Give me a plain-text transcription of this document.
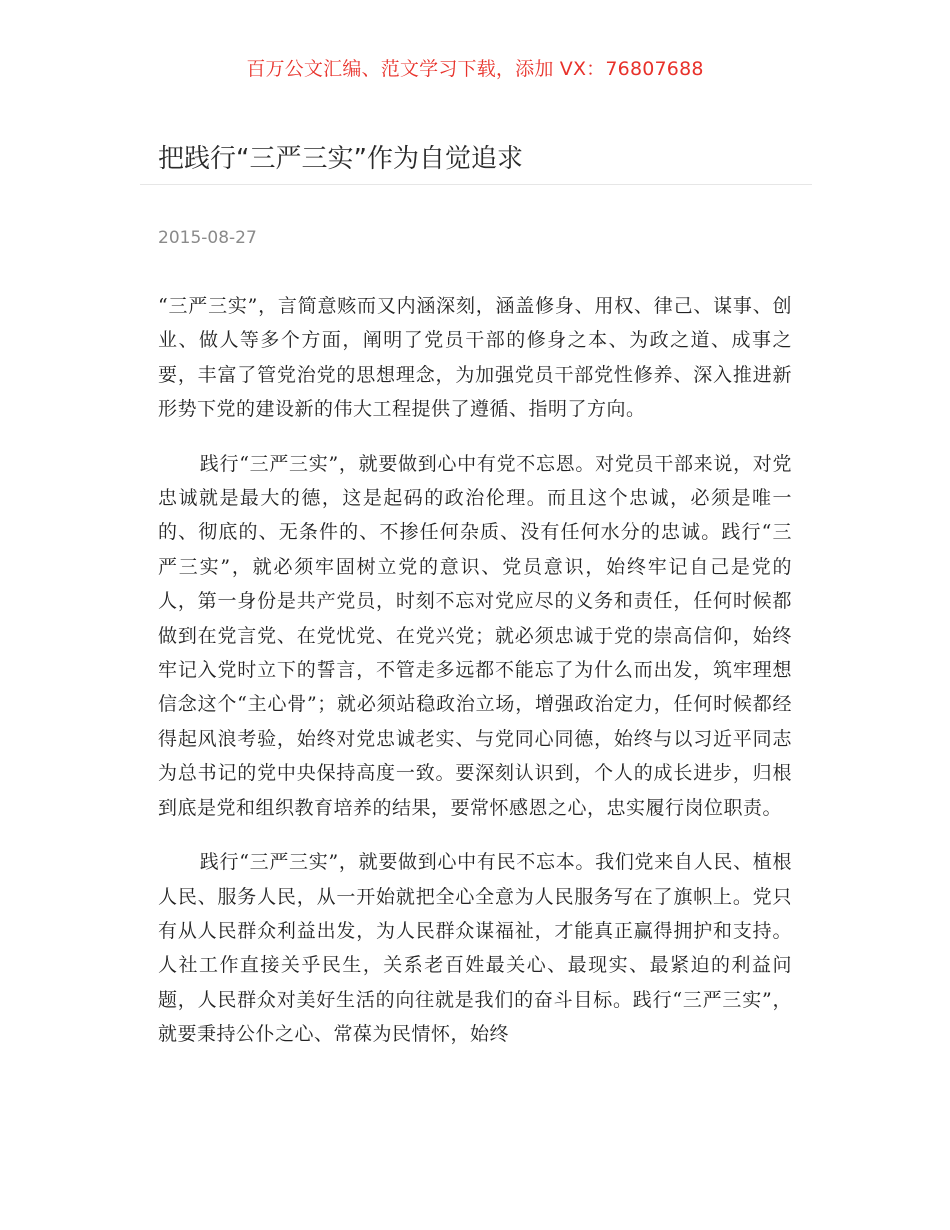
百万公文汇编、范文学习下载，添加 VX：76807688
把践行“三严三实”作为自觉追求
2015-08-27

“三严三实”，言简意赅而又内涵深刻，涵盖修身、用权、律己、谋事、创业、做人等多个方面，阐明了党员干部的修身之本、为政之道、成事之要，丰富了管党治党的思想理念，为加强党员干部党性修养、深入推进新形势下党的建设新的伟大工程提供了遵循、指明了方向。

践行“三严三实”，就要做到心中有党不忘恩。对党员干部来说，对党忠诚就是最大的德，这是起码的政治伦理。而且这个忠诚，必须是唯一的、彻底的、无条件的、不掺任何杂质、没有任何水分的忠诚。践行“三严三实”，就必须牢固树立党的意识、党员意识，始终牢记自己是党的人，第一身份是共产党员，时刻不忘对党应尽的义务和责任，任何时候都做到在党言党、在党忧党、在党兴党；就必须忠诚于党的崇高信仰，始终牢记入党时立下的誓言，不管走多远都不能忘了为什么而出发，筑牢理想信念这个“主心骨”；就必须站稳政治立场，增强政治定力，任何时候都经得起风浪考验，始终对党忠诚老实、与党同心同德，始终与以习近平同志为总书记的党中央保持高度一致。要深刻认识到，个人的成长进步，归根到底是党和组织教育培养的结果，要常怀感恩之心，忠实履行岗位职责。

践行“三严三实”，就要做到心中有民不忘本。我们党来自人民、植根人民、服务人民，从一开始就把全心全意为人民服务写在了旗帜上。党只有从人民群众利益出发，为人民群众谋福祉，才能真正赢得拥护和支持。人社工作直接关乎民生，关系老百姓最关心、最现实、最紧迫的利益问题，人民群众对美好生活的向往就是我们的奋斗目标。践行“三严三实”，就要秉持公仆之心、常葆为民情怀，始终
